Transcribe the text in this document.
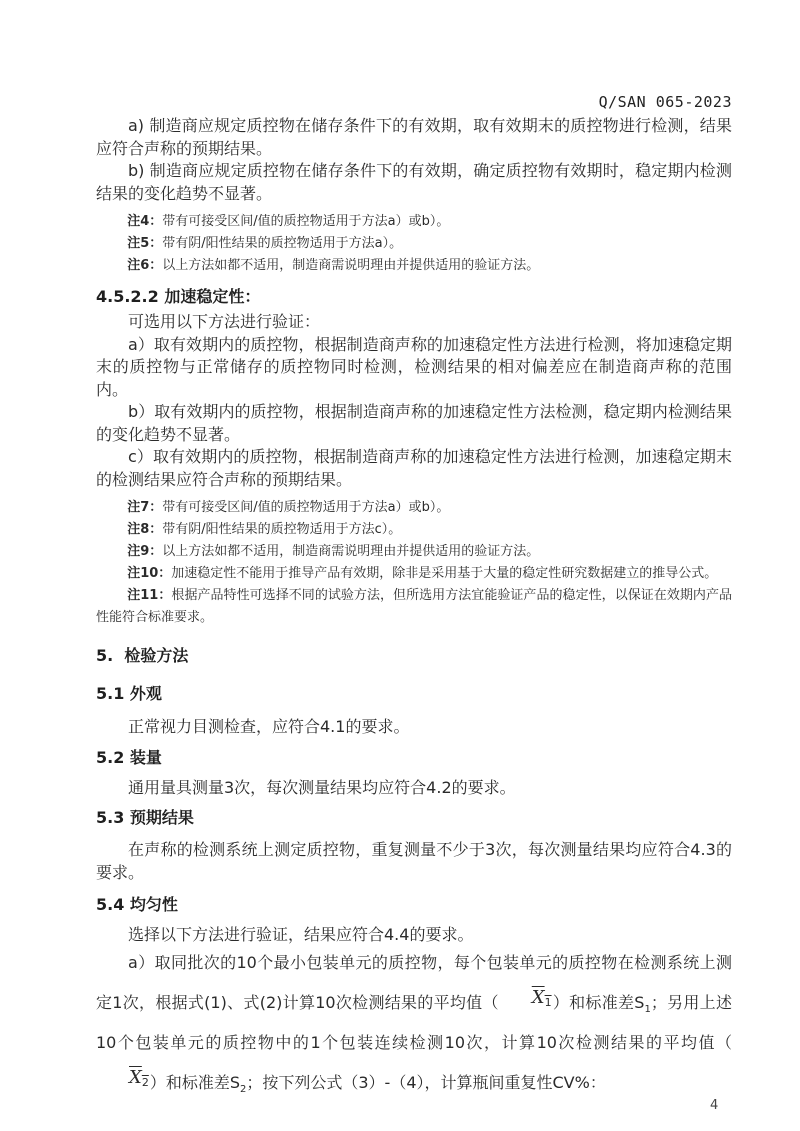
Q/SAN 065-2023

a) 制造商应规定质控物在储存条件下的有效期，取有效期末的质控物进行检测，结果应符合声称的预期结果。

b) 制造商应规定质控物在储存条件下的有效期，确定质控物有效期时，稳定期内检测结果的变化趋势不显著。

注4：带有可接受区间/值的质控物适用于方法a）或b）。

注5：带有阴/阳性结果的质控物适用于方法a）。

注6：以上方法如都不适用，制造商需说明理由并提供适用的验证方法。

4.5.2.2 加速稳定性：

可选用以下方法进行验证：

a）取有效期内的质控物，根据制造商声称的加速稳定性方法进行检测，将加速稳定期末的质控物与正常储存的质控物同时检测，检测结果的相对偏差应在制造商声称的范围内。

b）取有效期内的质控物，根据制造商声称的加速稳定性方法检测，稳定期内检测结果的变化趋势不显著。

c）取有效期内的质控物，根据制造商声称的加速稳定性方法进行检测，加速稳定期末的检测结果应符合声称的预期结果。

注7：带有可接受区间/值的质控物适用于方法a）或b）。

注8：带有阴/阳性结果的质控物适用于方法c）。

注9：以上方法如都不适用，制造商需说明理由并提供适用的验证方法。

注10：加速稳定性不能用于推导产品有效期，除非是采用基于大量的稳定性研究数据建立的推导公式。

注11：根据产品特性可选择不同的试验方法，但所选用方法宜能验证产品的稳定性，以保证在效期内产品性能符合标准要求。

5.  检验方法

5.1 外观

正常视力目测检查，应符合4.1的要求。

5.2 装量

通用量具测量3次，每次测量结果均应符合4.2的要求。

5.3 预期结果

在声称的检测系统上测定质控物，重复测量不少于3次，每次测量结果均应符合4.3的要求。

5.4 均匀性

选择以下方法进行验证，结果应符合4.4的要求。

a）取同批次的10个最小包装单元的质控物，每个包装单元的质控物在检测系统上测定1次，根据式(1)、式(2)计算10次检测结果的平均值（ X1）和标准差$S_1$；另用上述10个包装单元的质控物中的1个包装连续检测10次，计算10次检测结果的平均值（X2）和标准差$S_2$；按下列公式（3）-（4），计算瓶间重复性CV%：

4
